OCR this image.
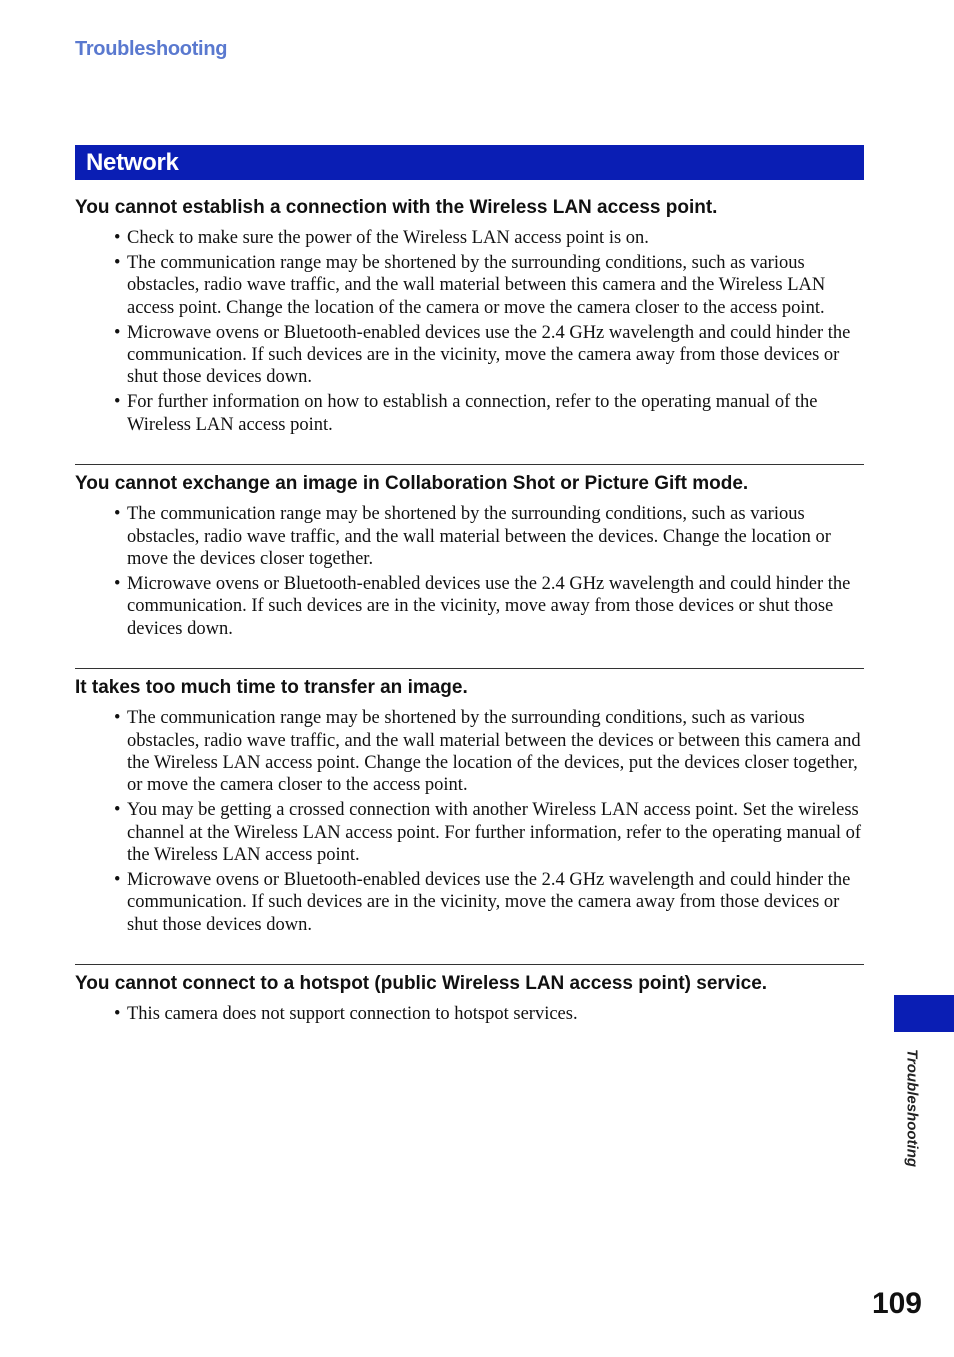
Troubleshooting
Network
You cannot establish a connection with the Wireless LAN access point.
• Check to make sure the power of the Wireless LAN access point is on.
• The communication range may be shortened by the surrounding conditions, such as various obstacles, radio wave traffic, and the wall material between this camera and the Wireless LAN access point. Change the location of the camera or move the camera closer to the access point.
• Microwave ovens or Bluetooth-enabled devices use the 2.4 GHz wavelength and could hinder the communication. If such devices are in the vicinity, move the camera away from those devices or shut those devices down.
• For further information on how to establish a connection, refer to the operating manual of the Wireless LAN access point.
You cannot exchange an image in Collaboration Shot or Picture Gift mode.
• The communication range may be shortened by the surrounding conditions, such as various obstacles, radio wave traffic, and the wall material between the devices. Change the location or move the devices closer together.
• Microwave ovens or Bluetooth-enabled devices use the 2.4 GHz wavelength and could hinder the communication. If such devices are in the vicinity, move away from those devices or shut those devices down.
It takes too much time to transfer an image.
• The communication range may be shortened by the surrounding conditions, such as various obstacles, radio wave traffic, and the wall material between the devices or between this camera and the Wireless LAN access point. Change the location of the devices, put the devices closer together, or move the camera closer to the access point.
• You may be getting a crossed connection with another Wireless LAN access point. Set the wireless channel at the Wireless LAN access point. For further information, refer to the operating manual of the Wireless LAN access point.
• Microwave ovens or Bluetooth-enabled devices use the 2.4 GHz wavelength and could hinder the communication. If such devices are in the vicinity, move the camera away from those devices or shut those devices down.
You cannot connect to a hotspot (public Wireless LAN access point) service.
• This camera does not support connection to hotspot services.
Troubleshooting
109
